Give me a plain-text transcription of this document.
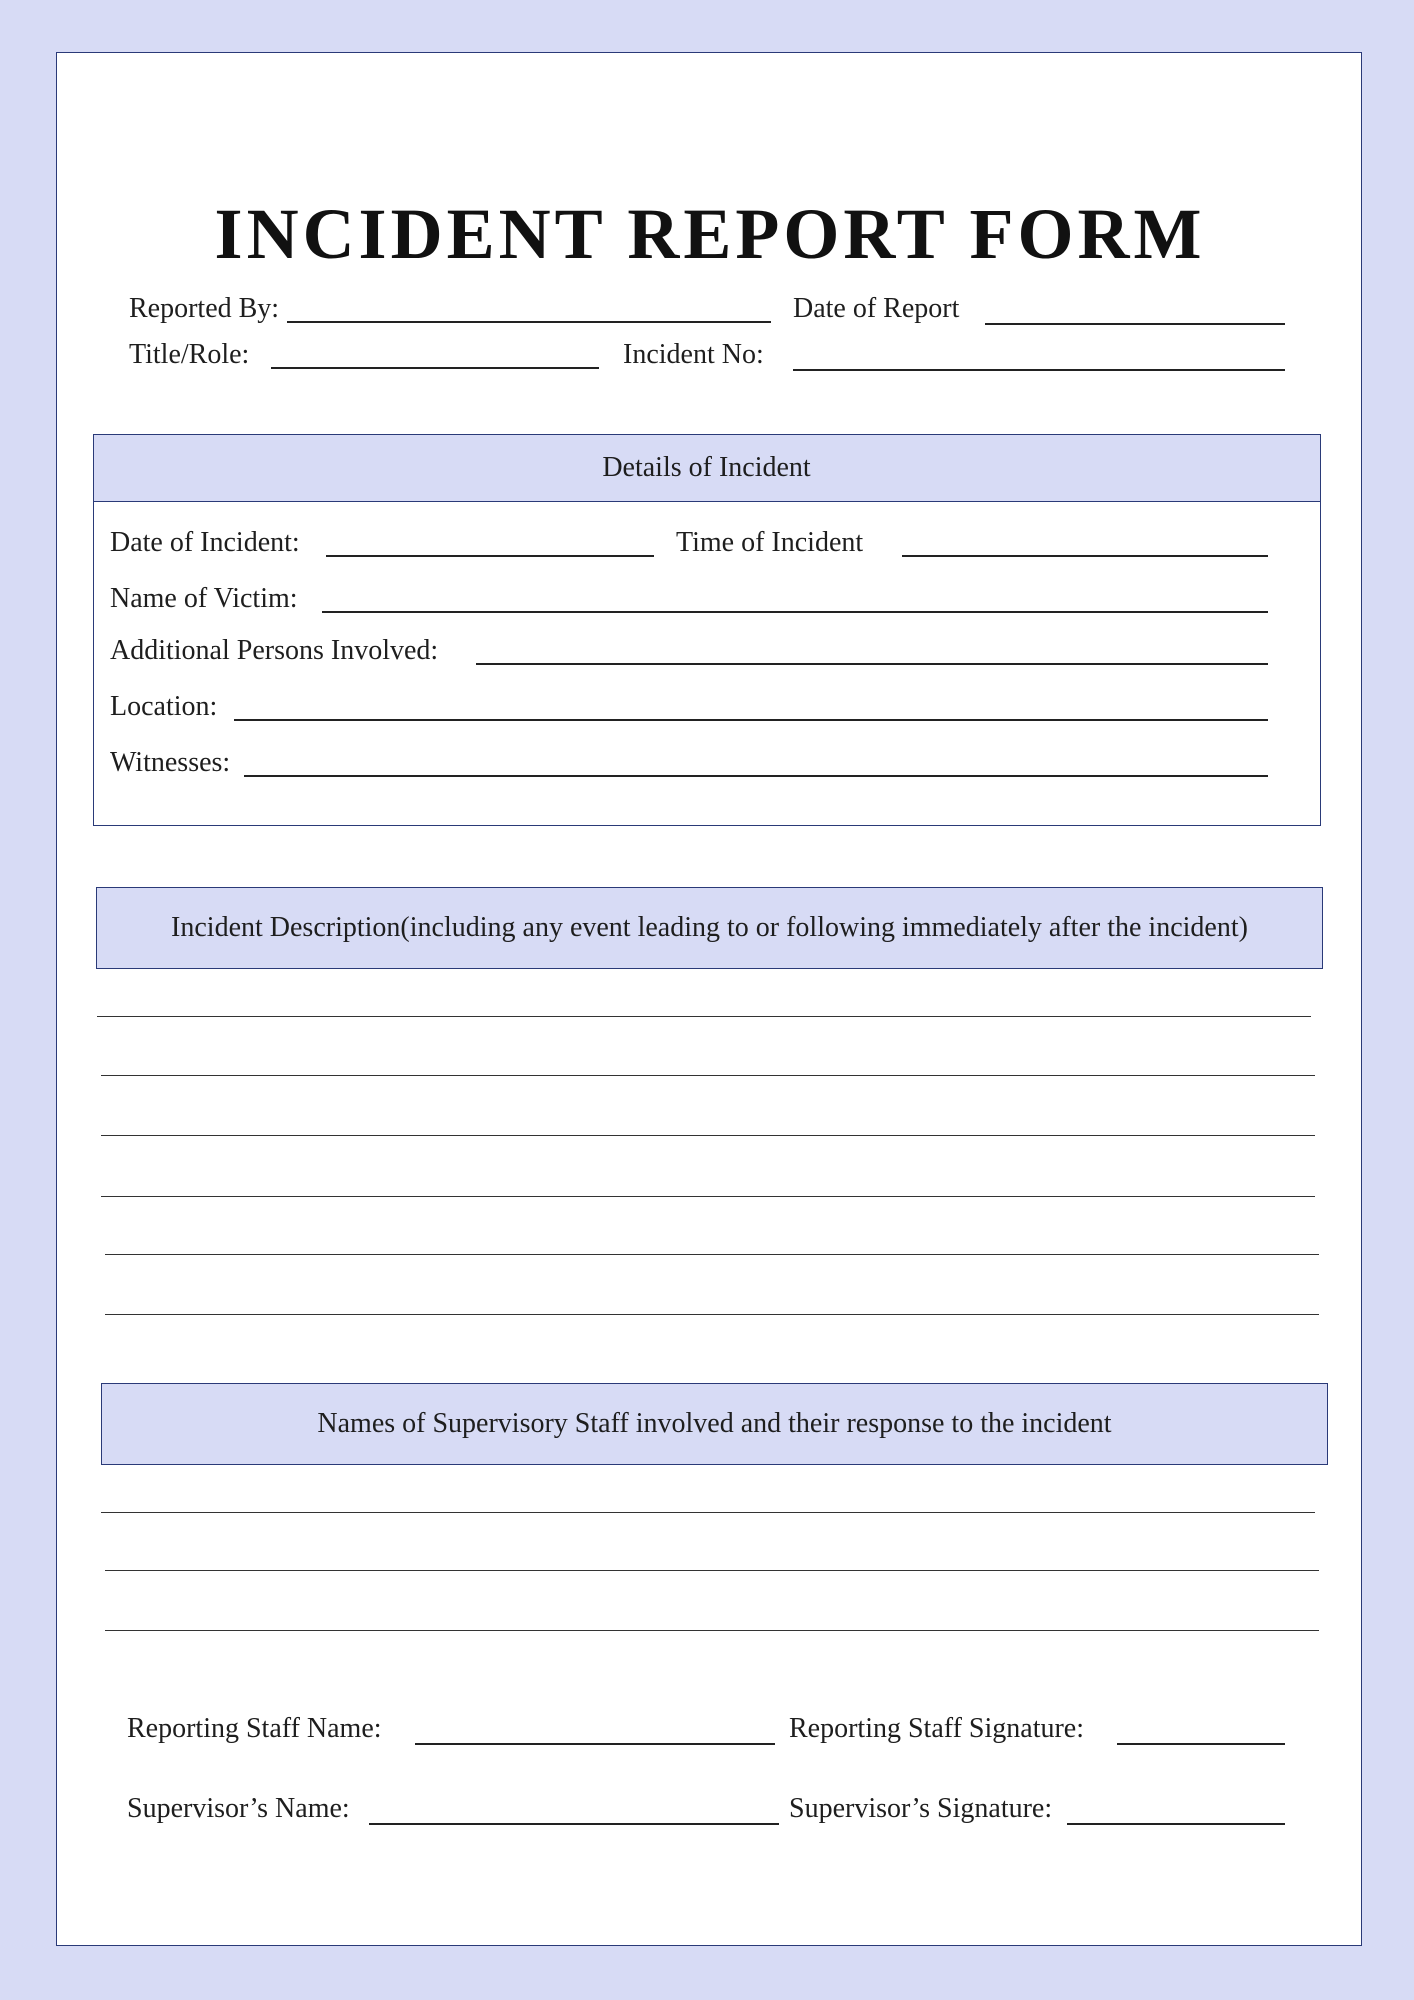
INCIDENT REPORT FORM
Reported By:	Date of Report
Title/Role:	Incident No:
Details of Incident
Date of Incident:	Time of Incident
Name of Victim:
Additional Persons Involved:
Location:
Witnesses:
Incident Description(including any event leading to or following immediately after the incident)
Names of Supervisory Staff involved and their response to the incident
Reporting Staff Name:	Reporting Staff Signature:
Supervisor’s Name:	Supervisor’s Signature:
